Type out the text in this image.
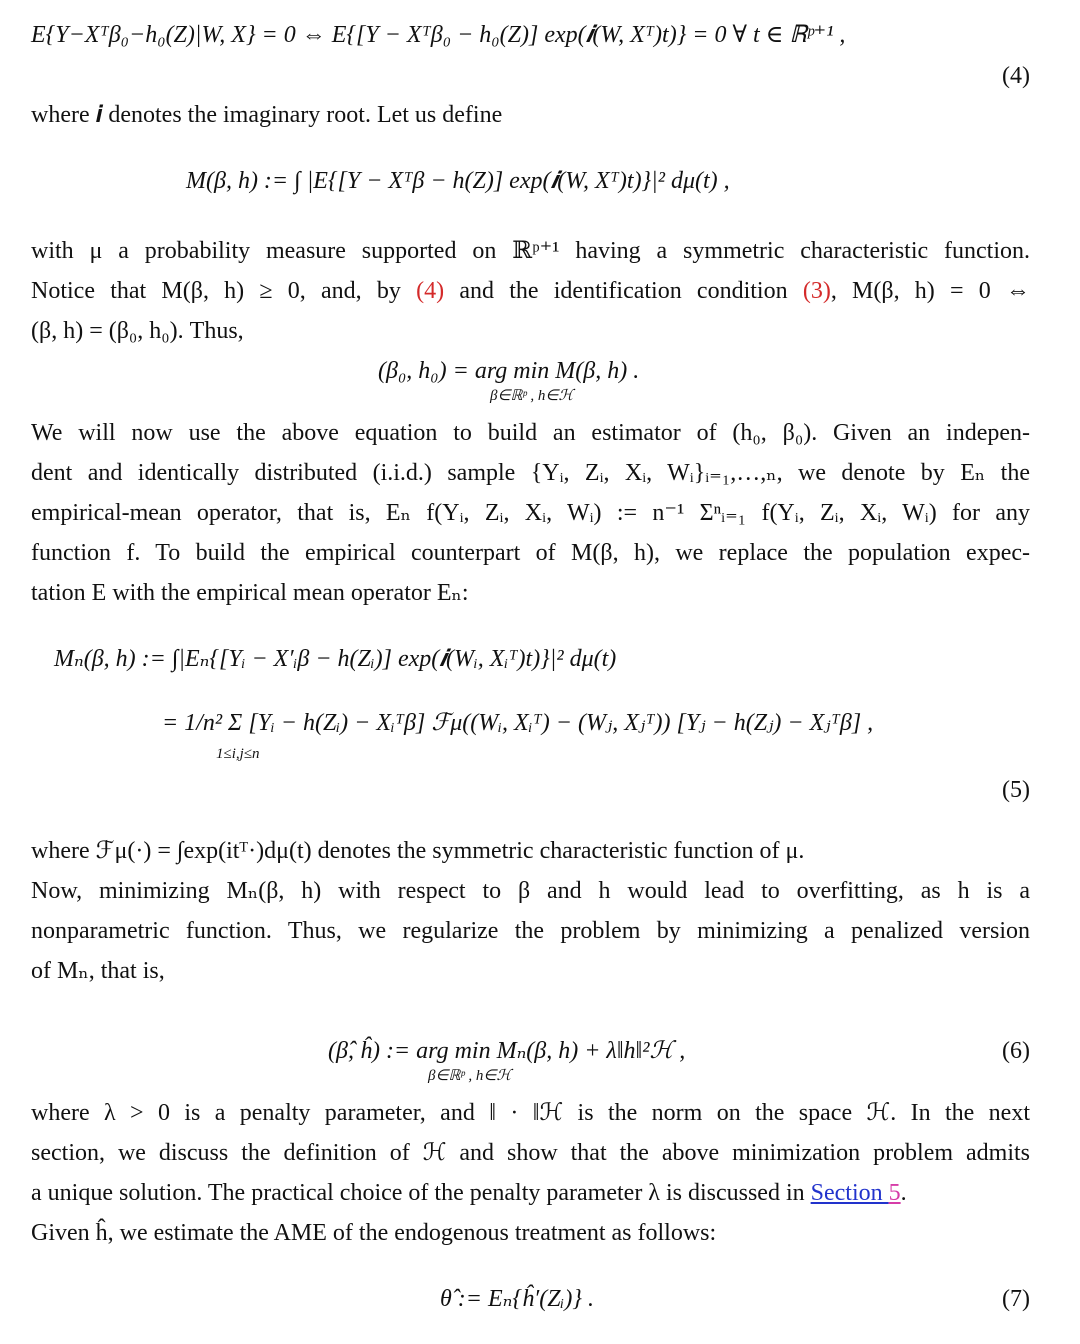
E{Y−Xᵀβ₀−h₀(Z)|W, X} = 0 ⇔ E{[Y − Xᵀβ₀ − h₀(Z)] exp(𝒊(W, Xᵀ)t)} = 0 ∀ t ∈ ℝᵖ⁺¹ ,
(4)
where 𝒊 denotes the imaginary root. Let us define
M(β, h) := ∫ |E{[Y − Xᵀβ − h(Z)] exp(𝒊(W, Xᵀ)t)}|² dμ(t) ,
with μ a probability measure supported on ℝᵖ⁺¹ having a symmetric characteristic function.
Notice that M(β, h) ≥ 0, and, by (4) and the identification condition (3), M(β, h) = 0 ⇔
(β, h) = (β₀, h₀). Thus,
(β₀, h₀) = arg min M(β, h) .
β∈ℝᵖ , h∈ℋ
We will now use the above equation to build an estimator of (h₀, β₀). Given an indepen-
dent and identically distributed (i.i.d.) sample {Yᵢ, Zᵢ, Xᵢ, Wᵢ}ᵢ₌₁,…,ₙ, we denote by Eₙ the
empirical-mean operator, that is, Eₙ f(Yᵢ, Zᵢ, Xᵢ, Wᵢ) := n⁻¹ Σⁿᵢ₌₁ f(Yᵢ, Zᵢ, Xᵢ, Wᵢ) for any
function f. To build the empirical counterpart of M(β, h), we replace the population expec-
tation E with the empirical mean operator Eₙ:
Mₙ(β, h) := ∫|Eₙ{[Yᵢ − X′ᵢβ − h(Zᵢ)] exp(𝒊(Wᵢ, Xᵢᵀ)t)}|² dμ(t)
= 1/n² Σ [Yᵢ − h(Zᵢ) − Xᵢᵀβ] ℱμ((Wᵢ, Xᵢᵀ) − (Wⱼ, Xⱼᵀ)) [Yⱼ − h(Zⱼ) − Xⱼᵀβ] ,
1≤i,j≤n
(5)
where ℱμ(·) = ∫exp(itᵀ·)dμ(t) denotes the symmetric characteristic function of μ.
Now, minimizing Mₙ(β, h) with respect to β and h would lead to overfitting, as h is a
nonparametric function. Thus, we regularize the problem by minimizing a penalized version
of Mₙ, that is,
(β̂, ĥ) := arg min Mₙ(β, h) + λ‖h‖²ℋ ,
β∈ℝᵖ , h∈ℋ
(6)
where λ > 0 is a penalty parameter, and ‖ · ‖ℋ is the norm on the space ℋ. In the next
section, we discuss the definition of ℋ and show that the above minimization problem admits
a unique solution. The practical choice of the penalty parameter λ is discussed in Section 5.
Given ĥ, we estimate the AME of the endogenous treatment as follows:
θ̂ := Eₙ{ĥ′(Zᵢ)} .	(7)
